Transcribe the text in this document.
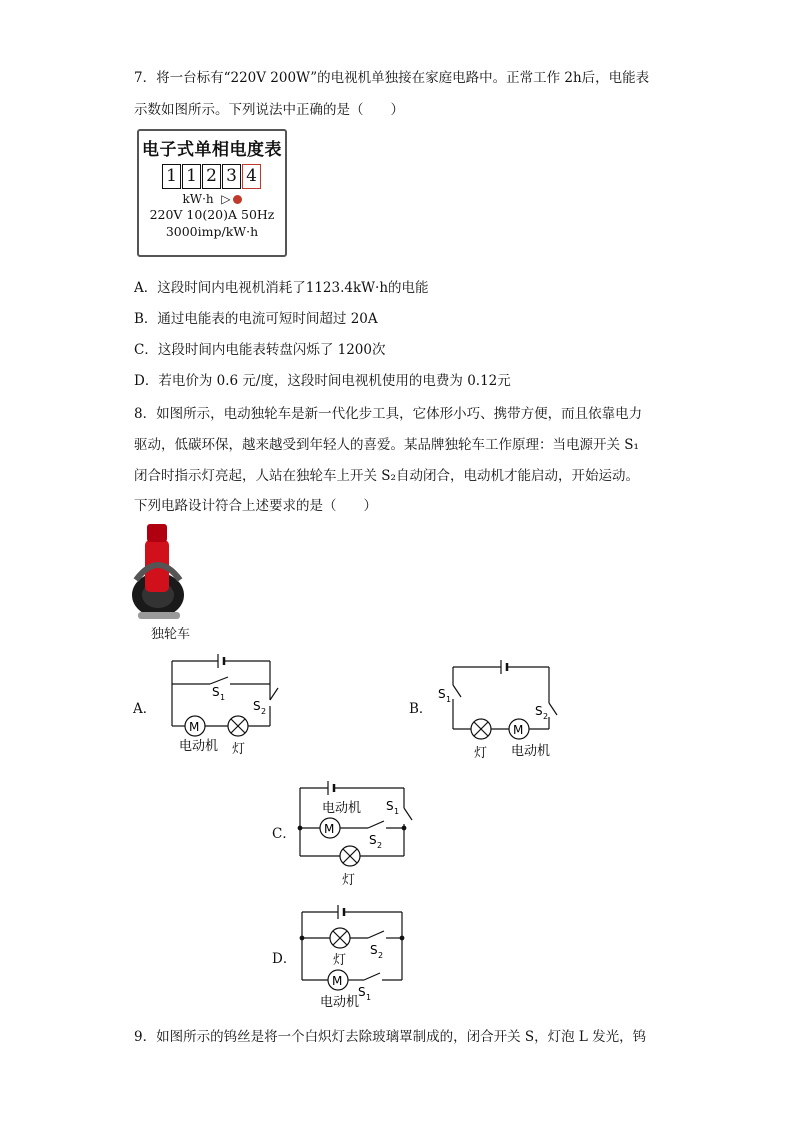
7．将一台标有“220V 200W”的电视机单独接在家庭电路中。正常工作 2h后，电能表
示数如图所示。下列说法中正确的是（　　）
电子式单相电度表
1 1 2 3 4
kW·h ▷
220V 10(20)A 50Hz
3000imp/kW·h
A．这段时间内电视机消耗了1123.4kW·h的电能
B．通过电能表的电流可短时间超过 20A
C．这段时间内电能表转盘闪烁了 1200次
D．若电价为 0.6 元/度，这段时间电视机使用的电费为 0.12元
8．如图所示，电动独轮车是新一代化步工具，它体形小巧、携带方便，而且依靠电力
驱动，低碳环保，越来越受到年轻人的喜爱。某品牌独轮车工作原理：当电源开关 S₁
闭合时指示灯亮起，人站在独轮车上开关 S₂自动闭合，电动机才能启动，开始运动。
下列电路设计符合上述要求的是（　　）
独轮车
A．
M
S 1
S 2
电动机 灯
B．
M
S 1
S 2
灯 电动机
C． M
电动机 S 1
S 2
灯
D．
M
灯
S 2
S 1
电动机
9．如图所示的钨丝是将一个白炽灯去除玻璃罩制成的，闭合开关 S，灯泡 L 发光，钨
